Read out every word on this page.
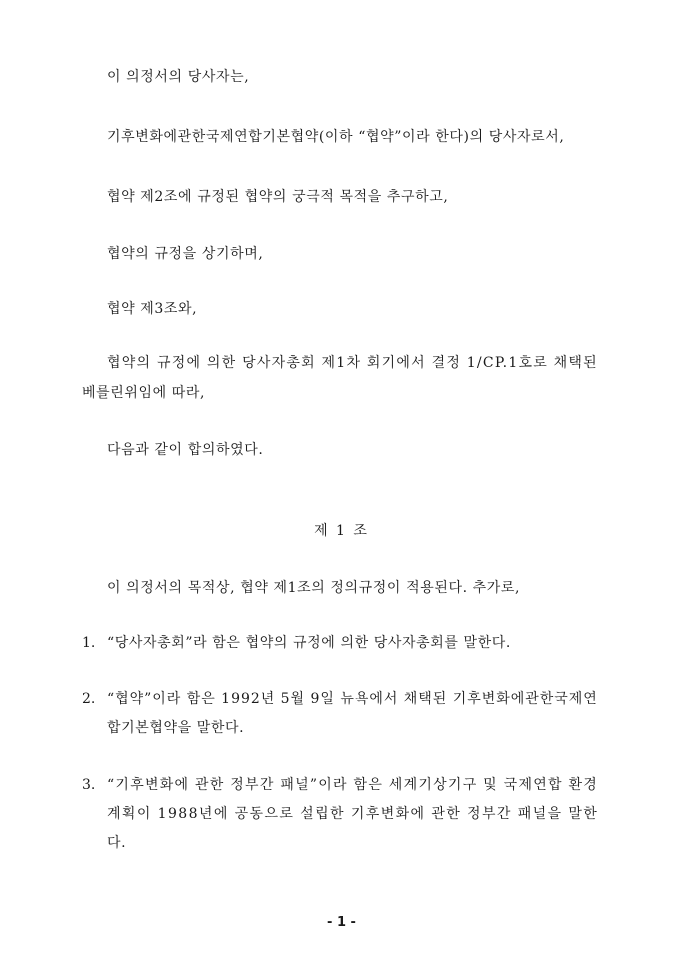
이 의정서의 당사자는,
기후변화에관한국제연합기본협약(이하 “협약”이라 한다)의 당사자로서,
협약 제2조에 규정된 협약의 궁극적 목적을 추구하고,
협약의 규정을 상기하며,
협약 제3조와,
협약의 규정에 의한 당사자총회 제1차 회기에서 결정 1/CP.1호로 채택된
베를린위임에 따라,
다음과 같이 합의하였다.
제 1 조
이 의정서의 목적상, 협약 제1조의 정의규정이 적용된다. 추가로,
1. “당사자총회”라 함은 협약의 규정에 의한 당사자총회를 말한다.
2. “협약”이라 함은 1992년 5월 9일 뉴욕에서 채택된 기후변화에관한국제연
합기본협약을 말한다.
3. “기후변화에 관한 정부간 패널”이라 함은 세계기상기구 및 국제연합 환경
계획이 1988년에 공동으로 설립한 기후변화에 관한 정부간 패널을 말한
다.
- 1 -
